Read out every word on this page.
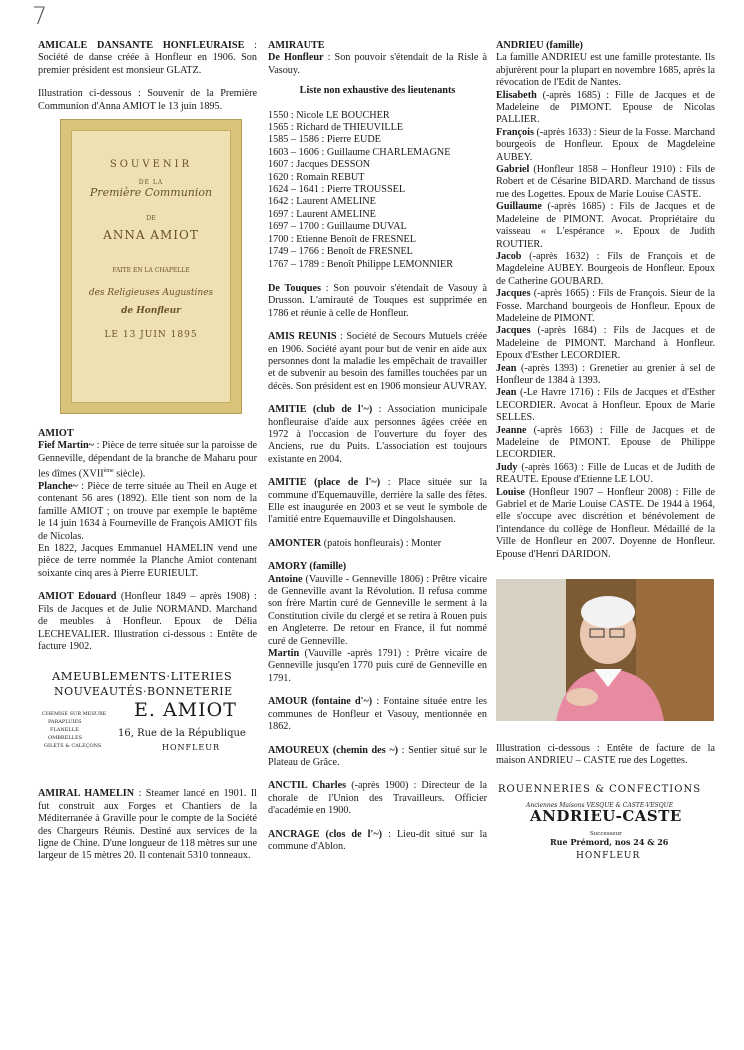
7

AMICALE DANSANTE HONFLEURAISE : Société de danse créée à Honfleur en 1906. Son premier président est monsieur GLATZ.

Illustration ci-dessous : Souvenir de la Première Communion d'Anna AMIOT le 13 juin 1895.

SOUVENIR
DE LA
Première Communion
DE
ANNA AMIOT
FAITE EN LA CHAPELLE
des Religieuses Augustines
de Honfleur
LE 13 JUIN 1895

AMIOT

Fief Martin~ : Pièce de terre située sur la paroisse de Genneville, dépendant de la branche de Maharu pour les dîmes (XVIIème siècle).

Planche~ : Pièce de terre située au Theil en Auge et contenant 56 ares (1892). Elle tient son nom de la famille AMIOT ; on trouve par exemple le baptême le 14 juin 1634 à Fourneville de François AMIOT fils de Nicolas.

En 1822, Jacques Emmanuel HAMELIN vend une pièce de terre nommée la Planche Amiot contenant soixante cinq ares à Pierre EURIEULT.

AMIOT Edouard (Honfleur 1849 – après 1908) : Fils de Jacques et de Julie NORMAND. Marchand de meubles à Honfleur. Epoux de Délia LECHEVALIER. Illustration ci-dessous : Entête de facture 1902.

AMEUBLEMENTS·LITERIES
NOUVEAUTÉS·BONNETERIE
CHEMISE SUR MESURE
PARAPLUIES
FLANELLE
OMBRELLES
GILETS & CALEÇONS
E. AMIOT
16, Rue de la République
HONFLEUR

AMIRAL HAMELIN : Steamer lancé en 1901. Il fut construit aux Forges et Chantiers de la Méditerranée à Graville pour le compte de la Société des Chargeurs Réunis. Destiné aux services de la ligne de Chine. D'une longueur de 118 mètres sur une largeur de 15 mètres 20. Il contenait 5310 tonneaux.

AMIRAUTE

De Honfleur : Son pouvoir s'étendait de la Risle à Vasouy.

Liste non exhaustive des lieutenants

1550 : Nicole LE BOUCHER
1565 : Richard de THIEUVILLE
1585 – 1586 : Pierre EUDE
1603 – 1606 : Guillaume CHARLEMAGNE
1607 : Jacques DESSON
1620 : Romain REBUT
1624 – 1641 : Pierre TROUSSEL
1642 : Laurent AMELINE
1697 : Laurent AMELINE
1697 – 1700 : Guillaume DUVAL
1700 : Etienne Benoît de FRESNEL
1749 – 1766 : Benoît de FRESNEL
1767 – 1789 : Benoît Philippe LEMONNIER

De Touques : Son pouvoir s'étendait de Vasouy à Drusson. L'amirauté de Touques est supprimée en 1786 et réunie à celle de Honfleur.

AMIS REUNIS : Société de Secours Mutuels créée en 1906. Société ayant pour but de venir en aide aux personnes dont la maladie les empêchait de travailler et de subvenir au besoin des familles touchées par un décès. Son président est en 1906 monsieur AUVRAY.

AMITIE (club de l'~) : Association municipale honfleuraise d'aide aux personnes âgées créée en 1972 à l'occasion de l'ouverture du foyer des Anciens, rue du Puits. L'association est toujours existante en 2004.

AMITIE (place de l'~) : Place située sur la commune d'Equemauville, derrière la salle des fêtes. Elle est inaugurée en 2003 et se veut le symbole de l'amitié entre Equemauville et Dingolshausen.

AMONTER (patois honfleurais) : Monter

AMORY (famille)

Antoine (Vauville - Genneville 1806) : Prêtre vicaire de Genneville avant la Révolution. Il refusa comme son frère Martin curé de Genneville le serment à la Constitution civile du clergé et se retira à Rouen puis en Angleterre. De retour en France, il fut nommé curé de Genneville.

Martin (Vauville -après 1791) : Prêtre vicaire de Genneville jusqu'en 1770 puis curé de Genneville en 1791.

AMOUR (fontaine d'~) : Fontaine située entre les communes de Honfleur et Vasouy, mentionnée en 1862.

AMOUREUX (chemin des ~) : Sentier situé sur le Plateau de Grâce.

ANCTIL Charles (-après 1900) : Directeur de la chorale de l'Union des Travailleurs. Officier d'académie en 1900.

ANCRAGE (clos de l'~) : Lieu-dit situé sur la commune d'Ablon.

ANDRIEU (famille)

La famille ANDRIEU est une famille protestante. Ils abjurèrent pour la plupart en novembre 1685, après la révocation de l'Edit de Nantes.

Elisabeth (-après 1685) : Fille de Jacques et de Madeleine de PIMONT. Epouse de Nicolas PALLIER.

François (-après 1633) : Sieur de la Fosse. Marchand bourgeois de Honfleur. Epoux de Magdeleine AUBEY.

Gabriel (Honfleur 1858 – Honfleur 1910) : Fils de Robert et de Césarine BIDARD. Marchand de tissus rue des Logettes. Epoux de Marie Louise CASTE.

Guillaume (-après 1685) : Fils de Jacques et de Madeleine de PIMONT. Avocat. Propriétaire du vaisseau « L'espérance ». Epoux de Judith ROUTIER.

Jacob (-après 1632) : Fils de François et de Magdeleine AUBEY. Bourgeois de Honfleur. Epoux de Catherine GOUBARD.

Jacques (-après 1665) : Fils de François. Sieur de la Fosse. Marchand bourgeois de Honfleur. Epoux de Madeleine de PIMONT.

Jacques (-après 1684) : Fils de Jacques et de Madeleine de PIMONT. Marchand à Honfleur. Epoux d'Esther LECORDIER.

Jean (-après 1393) : Grenetier au grenier à sel de Honfleur de 1384 à 1393.

Jean (-Le Havre 1716) : Fils de Jacques et d'Esther LECORDIER. Avocat à Honfleur. Epoux de Marie SELLES.

Jeanne (-après 1663) : Fille de Jacques et de Madeleine de PIMONT. Epouse de Philippe LECORDIER.

Judy (-après 1663) : Fille de Lucas et de Judith de REAUTE. Epouse d'Etienne LE LOU.

Louise (Honfleur 1907 – Honfleur 2008) : Fille de Gabriel et de Marie Louise CASTE. De 1944 à 1964, elle s'occupe avec discrétion et bénévolement de l'intendance du collège de Honfleur. Médaillé de la Ville de Honfleur en 2007. Doyenne de Honfleur. Epouse d'Henri DARIDON.

Illustration ci-dessous : Entête de facture de la maison ANDRIEU – CASTE rue des Logettes.

ROUENNERIES & CONFECTIONS
Anciennes Maisons VESQUE & CASTE-VESQUE
ANDRIEU-CASTE
Successeur
Rue Prémord, nos 24 & 26
HONFLEUR
